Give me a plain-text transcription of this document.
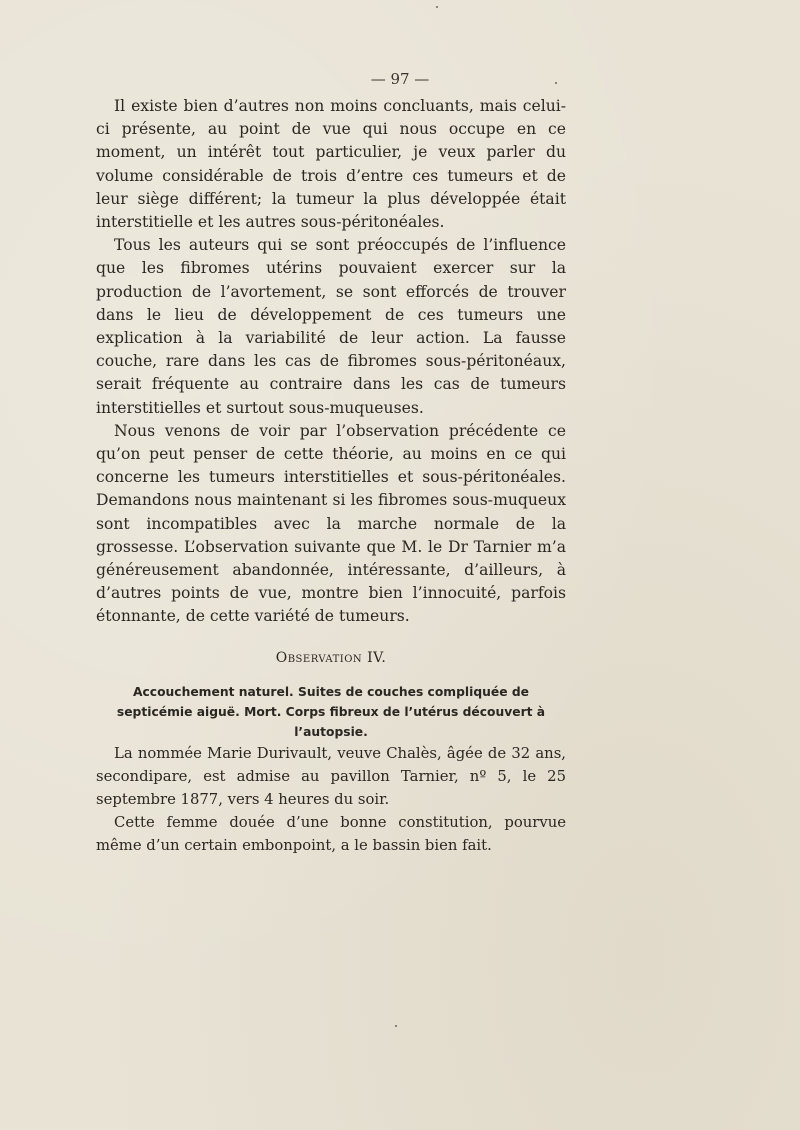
— 97 —

Il existe bien d’autres non moins concluants, mais celui-ci présente, au point de vue qui nous occupe en ce moment, un intérêt tout particulier, je veux parler du volume considérable de trois d’entre ces tumeurs et de leur siège différent; la tumeur la plus développée était interstitielle et les autres sous-péritonéales.

Tous les auteurs qui se sont préoccupés de l’influence que les fibromes utérins pouvaient exercer sur la production de l’avortement, se sont efforcés de trouver dans le lieu de développement de ces tumeurs une explication à la variabilité de leur action. La fausse couche, rare dans les cas de fibromes sous-péritonéaux, serait fréquente au contraire dans les cas de tumeurs interstitielles et surtout sous-muqueuses.

Nous venons de voir par l’observation précédente ce qu’on peut penser de cette théorie, au moins en ce qui concerne les tumeurs interstitielles et sous-péritonéales. Demandons nous maintenant si les fibromes sous-muqueux sont incompatibles avec la marche normale de la grossesse. L’observation suivante que M. le Dr Tarnier m’a généreusement abandonnée, intéressante, d’ailleurs, à d’autres points de vue, montre bien l’innocuité, parfois étonnante, de cette variété de tumeurs.

Observation IV.
Accouchement naturel. Suites de couches compliquée de septicémie aiguë. Mort. Corps fibreux de l’utérus découvert à l’autopsie.

La nommée Marie Durivault, veuve Chalès, âgée de 32 ans, secondipare, est admise au pavillon Tarnier, nº 5, le 25 septembre 1877, vers 4 heures du soir.

Cette femme douée d’une bonne constitution, pourvue même d’un certain embonpoint, a le bassin bien fait.
